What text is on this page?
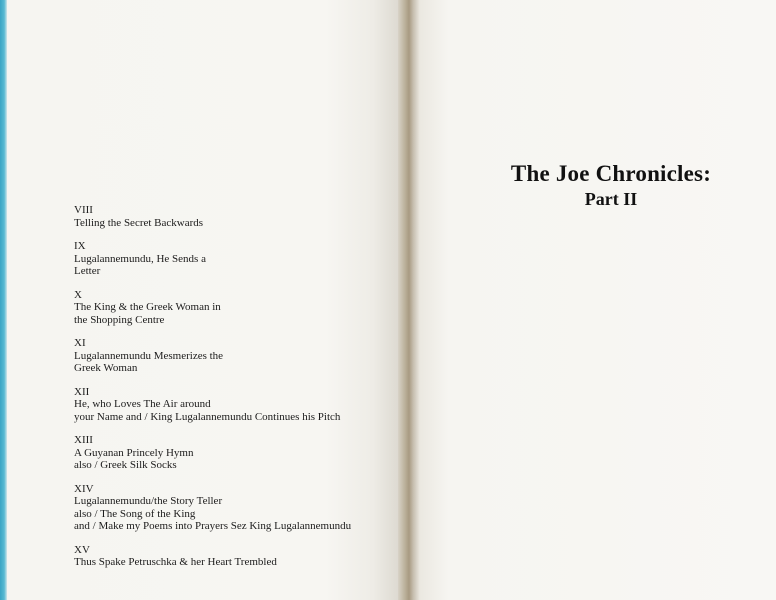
VIII
Telling the Secret Backwards
IX
Lugalannemundu, He Sends a
Letter
X
The King & the Greek Woman in
the Shopping Centre
XI
Lugalannemundu Mesmerizes the
Greek Woman
XII
He, who Loves The Air around
your Name and / King Lugalannemundu Continues his Pitch
XIII
A Guyanan Princely Hymn
also / Greek Silk Socks
XIV
Lugalannemundu/the Story Teller
also / The Song of the King
and / Make my Poems into Prayers Sez King Lugalannemundu
XV
Thus Spake Petruschka & her Heart Trembled
The Joe Chronicles:
Part II
